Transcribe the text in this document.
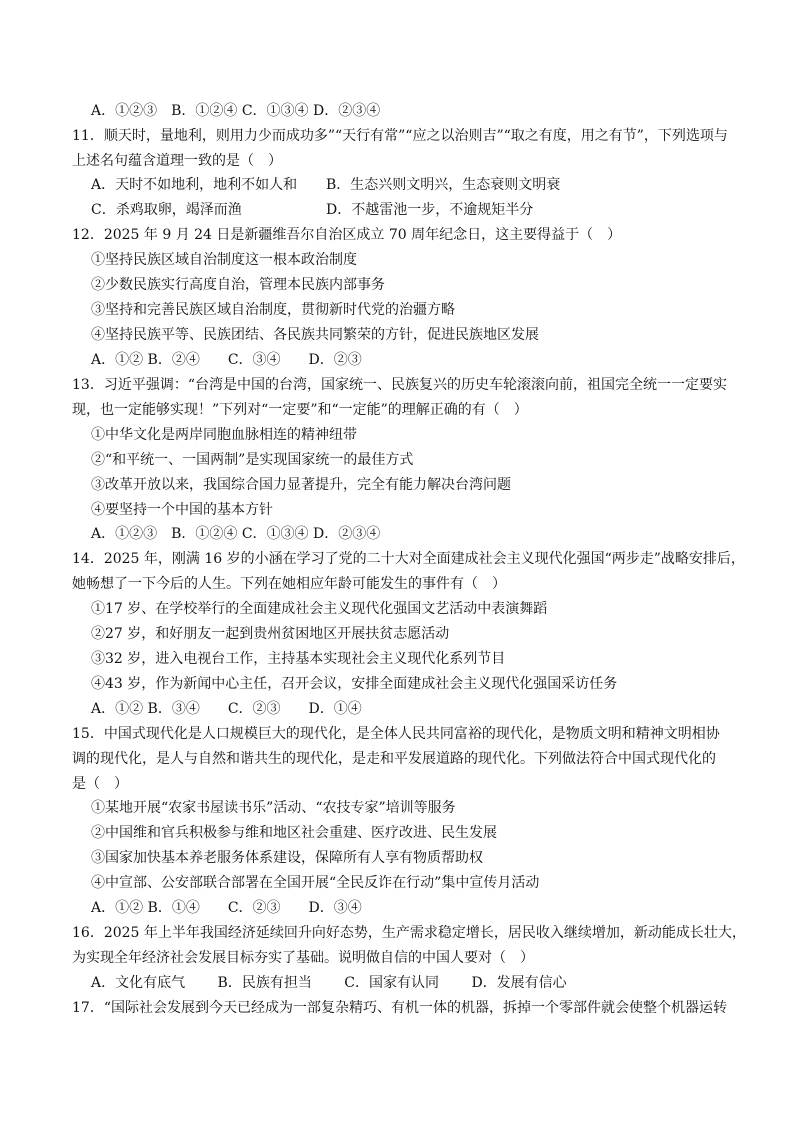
A．①②③　B．①②④ C．①③④ D．②③④
11．顺天时，量地利，则用力少而成功多”“天行有常”“应之以治则吉”“取之有度，用之有节”，下列选项与
上述名句蕴含道理一致的是（　）
A．天时不如地利，地利不如人和 B．生态兴则文明兴，生态衰则文明衰
C．杀鸡取卵，竭泽而渔	D．不越雷池一步，不逾规矩半分
12．2025 年 9 月 24 日是新疆维吾尔自治区成立 70 周年纪念日，这主要得益于（　）
①坚持民族区域自治制度这一根本政治制度
②少数民族实行高度自治，管理本民族内部事务
③坚持和完善民族区域自治制度，贯彻新时代党的治疆方略
④坚持民族平等、民族团结、各民族共同繁荣的方针，促进民族地区发展
A．①② B．②④　　C．③④　　D．②③
13．习近平强调：“台湾是中国的台湾，国家统一、民族复兴的历史车轮滚滚向前，祖国完全统一一定要实
现，也一定能够实现！”下列对“一定要”和“一定能”的理解正确的有（　）
①中华文化是两岸同胞血脉相连的精神纽带
②“和平统一、一国两制”是实现国家统一的最佳方式
③改革开放以来，我国综合国力显著提升，完全有能力解决台湾问题
④要坚持一个中国的基本方针
A．①②③　B．①②④ C．①③④ D．②③④
14．2025 年，刚满 16 岁的小涵在学习了党的二十大对全面建成社会主义现代化强国“两步走”战略安排后，
她畅想了一下今后的人生。下列在她相应年龄可能发生的事件有（　）
①17 岁、在学校举行的全面建成社会主义现代化强国文艺活动中表演舞蹈
②27 岁，和好朋友一起到贵州贫困地区开展扶贫志愿活动
③32 岁，进入电视台工作，主持基本实现社会主义现代化系列节目
④43 岁，作为新闻中心主任，召开会议，安排全面建成社会主义现代化强国采访任务
A．①② B．③④　　C．②③　　D．①④
15．中国式现代化是人口规模巨大的现代化，是全体人民共同富裕的现代化，是物质文明和精神文明相协
调的现代化，是人与自然和谐共生的现代化，是走和平发展道路的现代化。下列做法符合中国式现代化的
是（　）
①某地开展“农家书屋读书乐”活动、“农技专家”培训等服务
②中国维和官兵积极参与维和地区社会重建、医疗改进、民生发展
③国家加快基本养老服务体系建设，保障所有人享有物质帮助权
④中宣部、公安部联合部署在全国开展“全民反诈在行动”集中宣传月活动
A．①② B．①④　　C．②③　　D．③④
16．2025 年上半年我国经济延续回升向好态势，生产需求稳定增长，居民收入继续增加，新动能成长壮大，
为实现全年经济社会发展目标夯实了基础。说明做自信的中国人要对（　）
A．文化有底气　　 B．民族有担当　　 C．国家有认同　　 D．发展有信心
17．“国际社会发展到今天已经成为一部复杂精巧、有机一体的机器，拆掉一个零部件就会使整个机器运转
